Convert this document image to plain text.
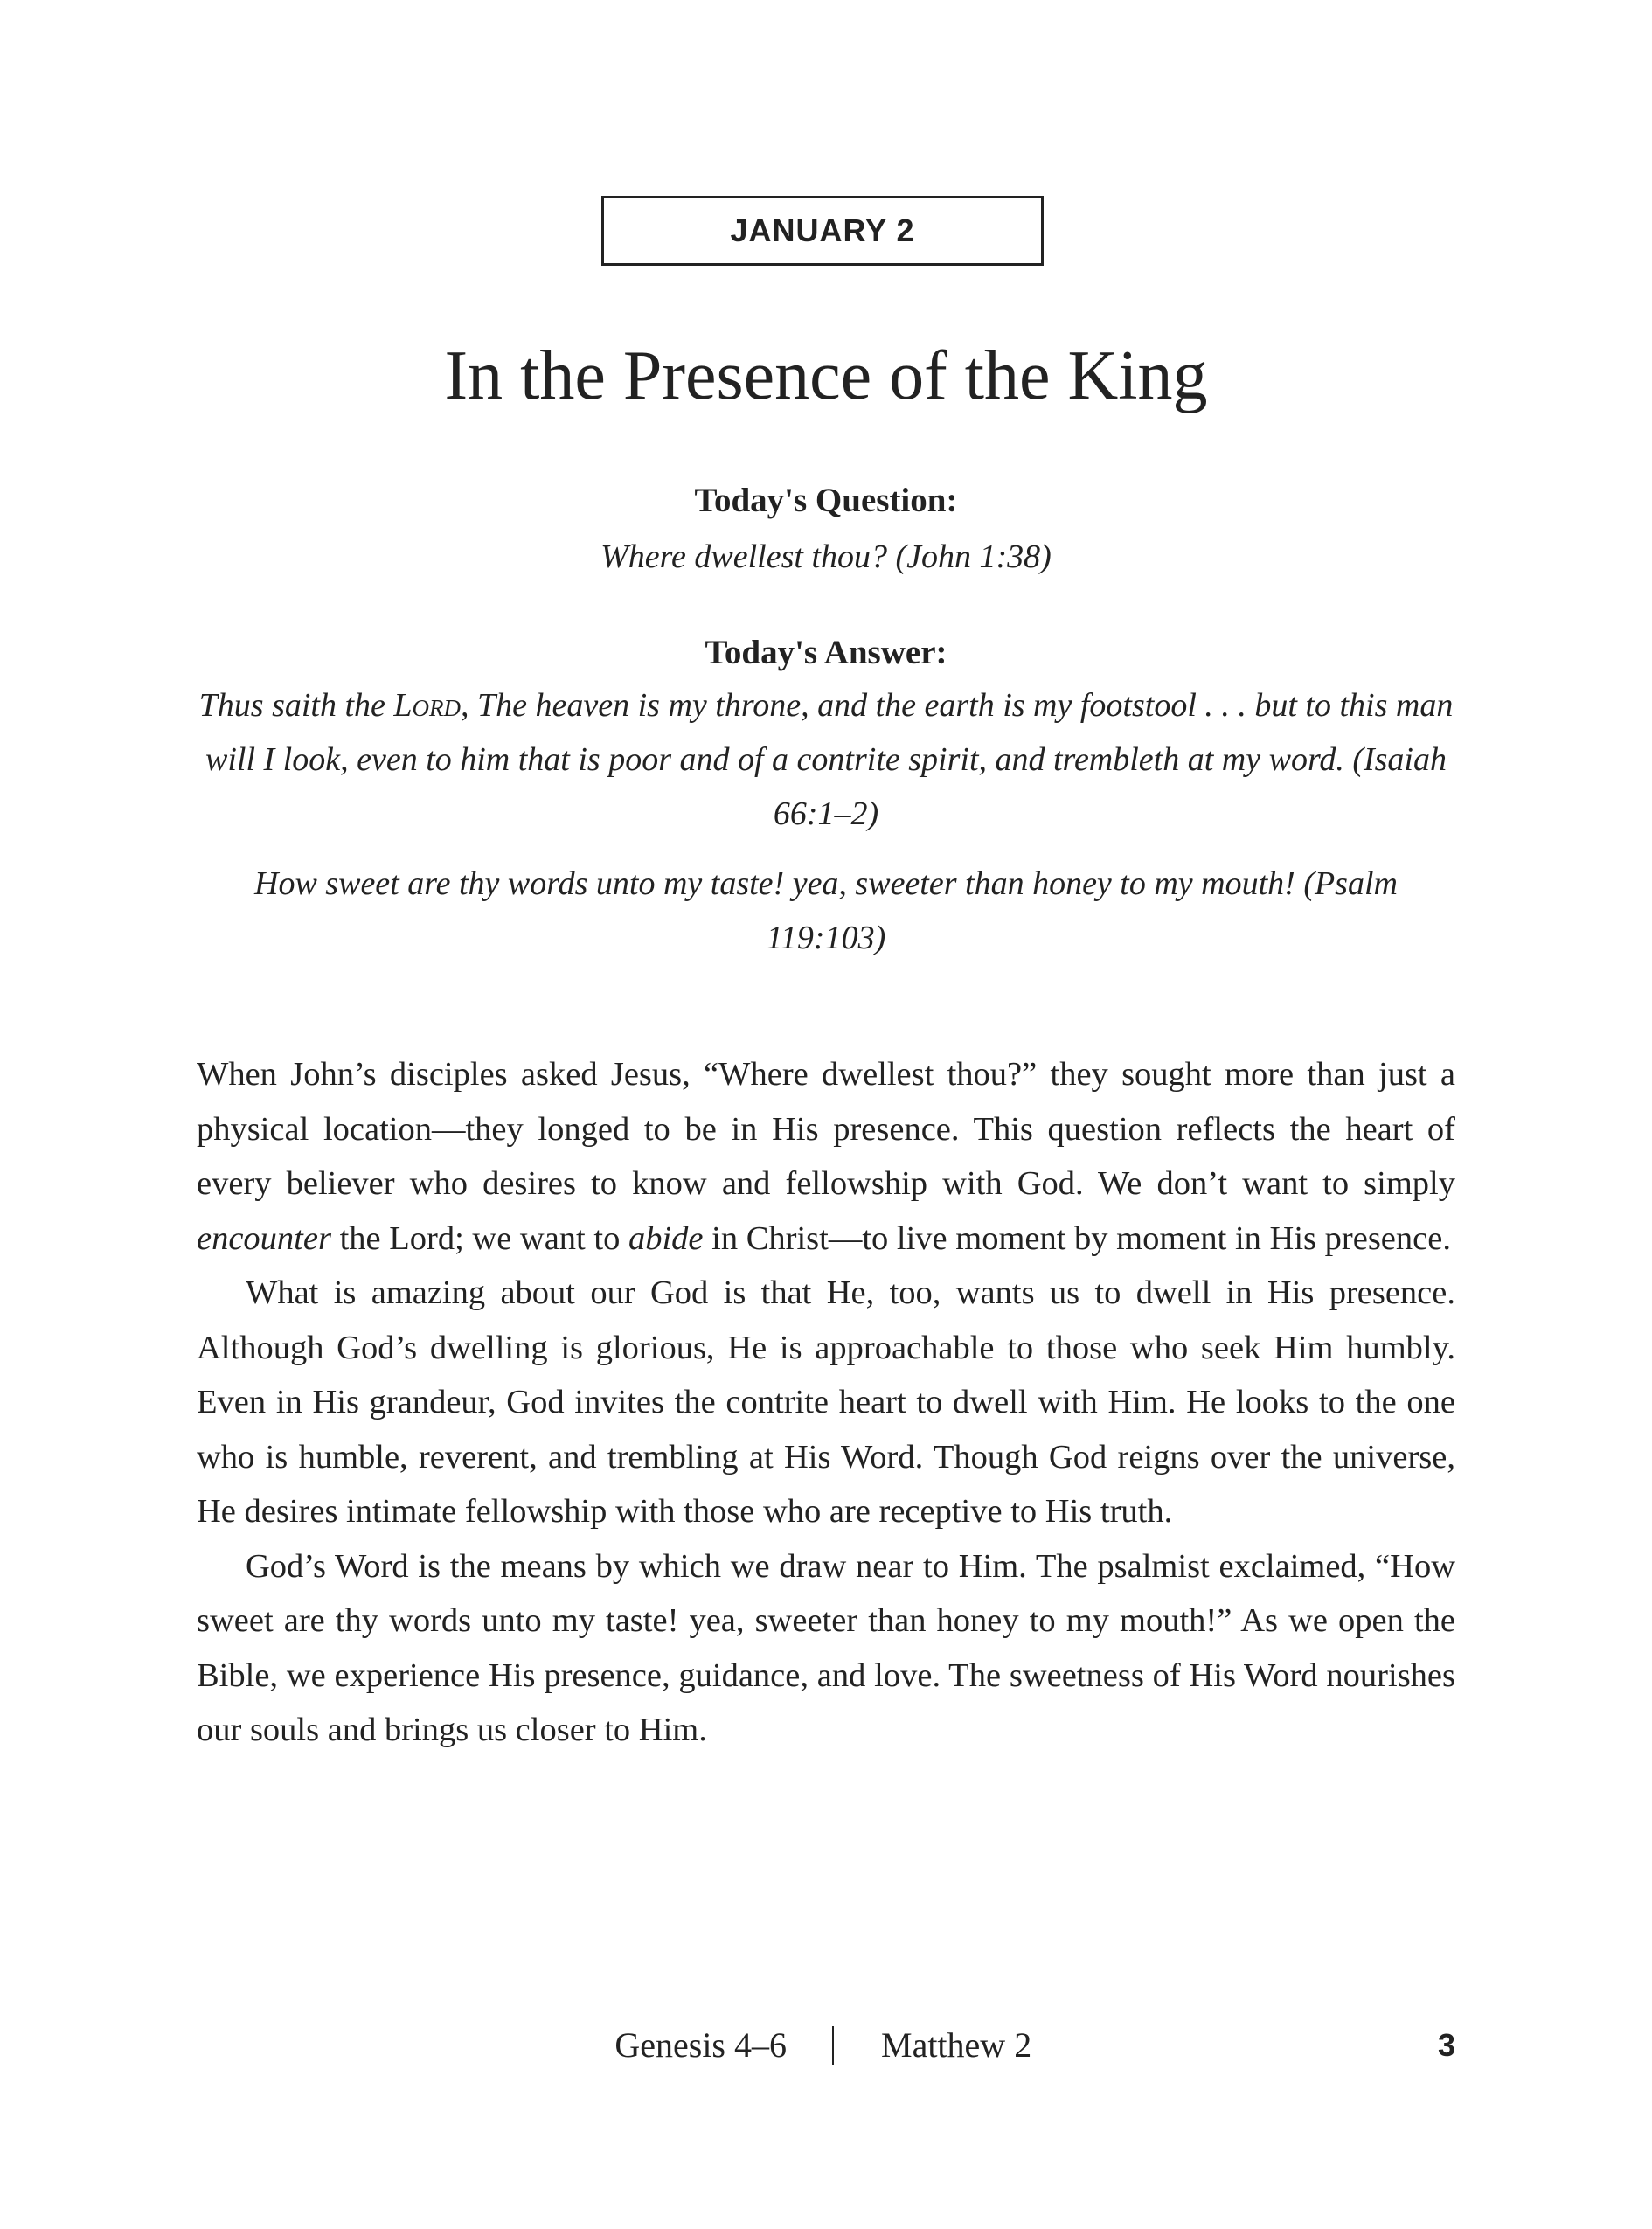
JANUARY 2
In the Presence of the King
Today's Question:
Where dwellest thou? (John 1:38)
Today's Answer:
Thus saith the Lord, The heaven is my throne, and the earth is my footstool . . . but to this man will I look, even to him that is poor and of a contrite spirit, and trembleth at my word. (Isaiah 66:1–2)
How sweet are thy words unto my taste! yea, sweeter than honey to my mouth! (Psalm 119:103)

When John’s disciples asked Jesus, “Where dwellest thou?” they sought more than just a physical location—they longed to be in His presence. This question reflects the heart of every believer who desires to know and fellowship with God. We don’t want to simply encounter the Lord; we want to abide in Christ—to live moment by moment in His presence.

What is amazing about our God is that He, too, wants us to dwell in His presence. Although God’s dwelling is glorious, He is approachable to those who seek Him humbly. Even in His grandeur, God invites the contrite heart to dwell with Him. He looks to the one who is humble, reverent, and trembling at His Word. Though God reigns over the universe, He desires intimate fellowship with those who are receptive to His truth.

God’s Word is the means by which we draw near to Him. The psalmist exclaimed, “How sweet are thy words unto my taste! yea, sweeter than honey to my mouth!” As we open the Bible, we experience His presence, guidance, and love. The sweetness of His Word nourishes our souls and brings us closer to Him.

Genesis 4–6	Matthew 2	3
